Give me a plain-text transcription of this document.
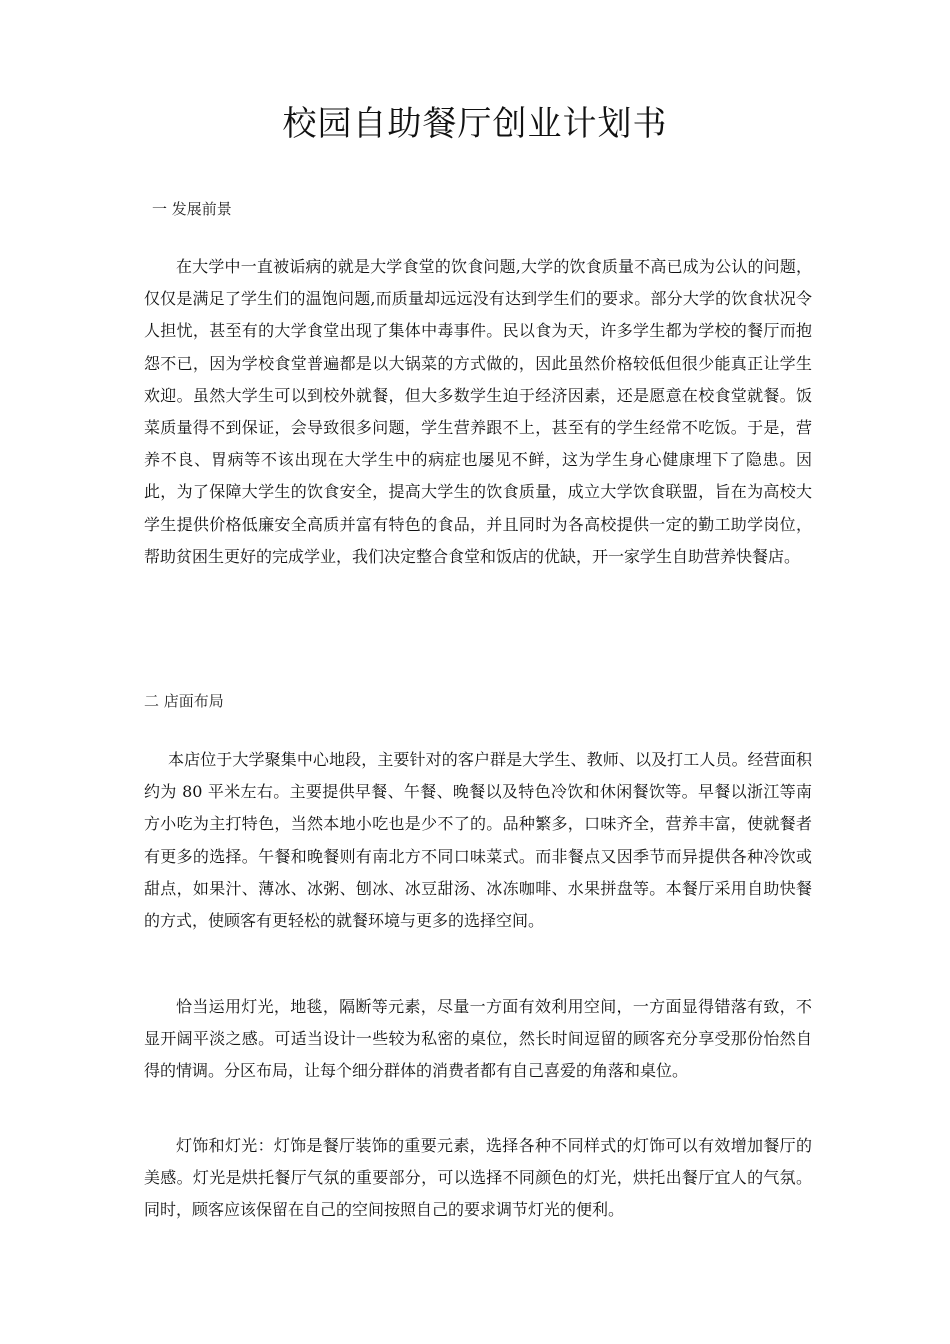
校园自助餐厅创业计划书
一 发展前景

在大学中一直被诟病的就是大学食堂的饮食问题,大学的饮食质量不高已成为公认的问题，仅仅是满足了学生们的温饱问题,而质量却远远没有达到学生们的要求。部分大学的饮食状况令人担忧，甚至有的大学食堂出现了集体中毒事件。民以食为天，许多学生都为学校的餐厅而抱怨不已，因为学校食堂普遍都是以大锅菜的方式做的，因此虽然价格较低但很少能真正让学生欢迎。虽然大学生可以到校外就餐，但大多数学生迫于经济因素，还是愿意在校食堂就餐。饭菜质量得不到保证，会导致很多问题，学生营养跟不上，甚至有的学生经常不吃饭。于是，营养不良、胃病等不该出现在大学生中的病症也屡见不鲜，这为学生身心健康埋下了隐患。因此，为了保障大学生的饮食安全，提高大学生的饮食质量，成立大学饮食联盟，旨在为高校大学生提供价格低廉安全高质并富有特色的食品，并且同时为各高校提供一定的勤工助学岗位，帮助贫困生更好的完成学业，我们决定整合食堂和饭店的优缺，开一家学生自助营养快餐店。

二 店面布局

本店位于大学聚集中心地段，主要针对的客户群是大学生、教师、以及打工人员。经营面积约为 80 平米左右。主要提供早餐、午餐、晚餐以及特色冷饮和休闲餐饮等。早餐以浙江等南方小吃为主打特色，当然本地小吃也是少不了的。品种繁多，口味齐全，营养丰富，使就餐者有更多的选择。午餐和晚餐则有南北方不同口味菜式。而非餐点又因季节而异提供各种冷饮或甜点，如果汁、薄冰、冰粥、刨冰、冰豆甜汤、冰冻咖啡、水果拼盘等。本餐厅采用自助快餐的方式，使顾客有更轻松的就餐环境与更多的选择空间。

恰当运用灯光，地毯，隔断等元素，尽量一方面有效利用空间，一方面显得错落有致，不显开阔平淡之感。可适当设计一些较为私密的桌位，然长时间逗留的顾客充分享受那份怡然自得的情调。分区布局，让每个细分群体的消费者都有自己喜爱的角落和桌位。

灯饰和灯光：灯饰是餐厅装饰的重要元素，选择各种不同样式的灯饰可以有效增加餐厅的美感。灯光是烘托餐厅气氛的重要部分，可以选择不同颜色的灯光，烘托出餐厅宜人的气氛。同时，顾客应该保留在自己的空间按照自己的要求调节灯光的便利。
